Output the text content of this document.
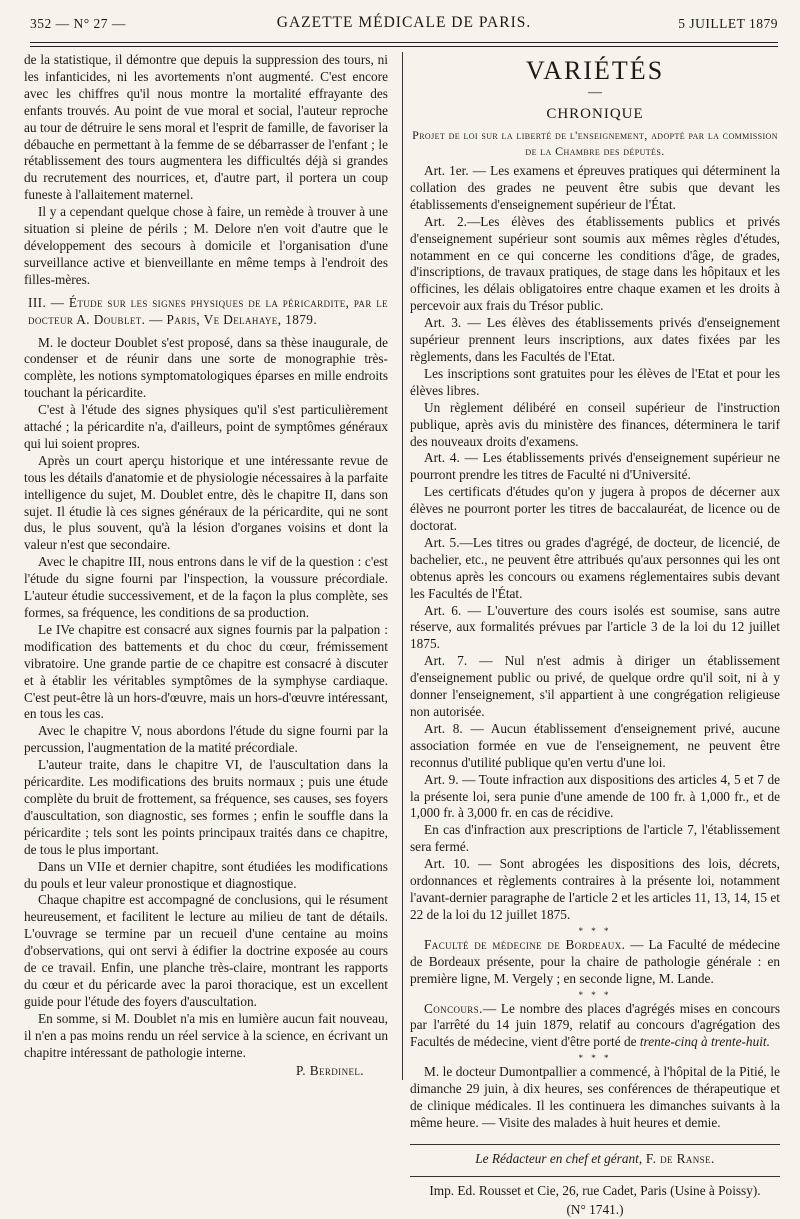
352 — N° 27 —	GAZETTE MÉDICALE DE PARIS.	5 JUILLET 1879

de la statistique, il démontre que depuis la suppression des tours, ni les infanticides, ni les avortements n'ont augmenté. C'est encore avec les chiffres qu'il nous montre la mortalité effrayante des enfants trouvés. Au point de vue moral et social, l'auteur reproche au tour de détruire le sens moral et l'esprit de famille, de favoriser la débauche en permettant à la femme de se débarrasser de l'enfant ; le rétablissement des tours augmentera les difficultés déjà si grandes du recrutement des nourrices, et, d'autre part, il portera un coup funeste à l'allaitement maternel.

Il y a cependant quelque chose à faire, un remède à trouver à une situation si pleine de périls ; M. Delore n'en voit d'autre que le développement des secours à domicile et l'organisation d'une surveillance active et bienveillante en même temps à l'endroit des filles-mères.

III. — Étude sur les signes physiques de la péricardite, par le docteur A. Doublet. — Paris, Ve Delahaye, 1879.

M. le docteur Doublet s'est proposé, dans sa thèse inaugurale, de condenser et de réunir dans une sorte de monographie très-complète, les notions symptomatologiques éparses en mille endroits touchant la péricardite.

C'est à l'étude des signes physiques qu'il s'est particulièrement attaché ; la péricardite n'a, d'ailleurs, point de symptômes généraux qui lui soient propres.

Après un court aperçu historique et une intéressante revue de tous les détails d'anatomie et de physiologie nécessaires à la parfaite intelligence du sujet, M. Doublet entre, dès le chapitre II, dans son sujet. Il étudie là ces signes généraux de la péricardite, qui ne sont dus, le plus souvent, qu'à la lésion d'organes voisins et dont la valeur n'est que secondaire.

Avec le chapitre III, nous entrons dans le vif de la question : c'est l'étude du signe fourni par l'inspection, la voussure précordiale. L'auteur étudie successivement, et de la façon la plus complète, ses formes, sa fréquence, les conditions de sa production.

Le IVe chapitre est consacré aux signes fournis par la palpation : modification des battements et du choc du cœur, frémissement vibratoire. Une grande partie de ce chapitre est consacré à discuter et à établir les véritables symptômes de la symphyse cardiaque. C'est peut-être là un hors-d'œuvre, mais un hors-d'œuvre intéressant, en tous les cas.

Avec le chapitre V, nous abordons l'étude du signe fourni par la percussion, l'augmentation de la matité précordiale.

L'auteur traite, dans le chapitre VI, de l'auscultation dans la péricardite. Les modifications des bruits normaux ; puis une étude complète du bruit de frottement, sa fréquence, ses causes, ses foyers d'auscultation, son diagnostic, ses formes ; enfin le souffle dans la péricardite ; tels sont les points principaux traités dans ce chapitre, de tous le plus important.

Dans un VIIe et dernier chapitre, sont étudiées les modifications du pouls et leur valeur pronostique et diagnostique.

Chaque chapitre est accompagné de conclusions, qui le résument heureusement, et facilitent le lecture au milieu de tant de détails. L'ouvrage se termine par un recueil d'une centaine au moins d'observations, qui ont servi à édifier la doctrine exposée au cours de ce travail. Enfin, une planche très-claire, montrant les rapports du cœur et du péricarde avec la paroi thoracique, est un excellent guide pour l'étude des foyers d'auscultation.

En somme, si M. Doublet n'a mis en lumière aucun fait nouveau, il n'en a pas moins rendu un réel service à la science, en écrivant un chapitre intéressant de pathologie interne.

P. Berdinel.

VARIÉTÉS
—
CHRONIQUE
Projet de loi sur la liberté de l'enseignement, adopté par la commission de la Chambre des députés.

Art. 1er. — Les examens et épreuves pratiques qui déterminent la collation des grades ne peuvent être subis que devant les établissements d'enseignement supérieur de l'État.

Art. 2.—Les élèves des établissements publics et privés d'enseignement supérieur sont soumis aux mêmes règles d'études, notamment en ce qui concerne les conditions d'âge, de grades, d'inscriptions, de travaux pratiques, de stage dans les hôpitaux et les officines, les délais obligatoires entre chaque examen et les droits à percevoir aux frais du Trésor public.

Art. 3. — Les élèves des établissements privés d'enseignement supérieur prennent leurs inscriptions, aux dates fixées par les règlements, dans les Facultés de l'Etat.

Les inscriptions sont gratuites pour les élèves de l'Etat et pour les élèves libres.

Un règlement délibéré en conseil supérieur de l'instruction publique, après avis du ministère des finances, déterminera le tarif des nouveaux droits d'examens.

Art. 4. — Les établissements privés d'enseignement supérieur ne pourront prendre les titres de Faculté ni d'Université.

Les certificats d'études qu'on y jugera à propos de décerner aux élèves ne pourront porter les titres de baccalauréat, de licence ou de doctorat.

Art. 5.—Les titres ou grades d'agrégé, de docteur, de licencié, de bachelier, etc., ne peuvent être attribués qu'aux personnes qui les ont obtenus après les concours ou examens réglementaires subis devant les Facultés de l'État.

Art. 6. — L'ouverture des cours isolés est soumise, sans autre réserve, aux formalités prévues par l'article 3 de la loi du 12 juillet 1875.

Art. 7. — Nul n'est admis à diriger un établissement d'enseignement public ou privé, de quelque ordre qu'il soit, ni à y donner l'enseignement, s'il appartient à une congrégation religieuse non autorisée.

Art. 8. — Aucun établissement d'enseignement privé, aucune association formée en vue de l'enseignement, ne peuvent être reconnus d'utilité publique qu'en vertu d'une loi.

Art. 9. — Toute infraction aux dispositions des articles 4, 5 et 7 de la présente loi, sera punie d'une amende de 100 fr. à 1,000 fr., et de 1,000 fr. à 3,000 fr. en cas de récidive.

En cas d'infraction aux prescriptions de l'article 7, l'établissement sera fermé.

Art. 10. — Sont abrogées les dispositions des lois, décrets, ordonnances et règlements contraires à la présente loi, notamment l'avant-dernier paragraphe de l'article 2 et les articles 11, 13, 14, 15 et 22 de la loi du 12 juillet 1875.

* * *

Faculté de médecine de Bordeaux. — La Faculté de médecine de Bordeaux présente, pour la chaire de pathologie générale : en première ligne, M. Vergely ; en seconde ligne, M. Lande.

* * *

Concours.— Le nombre des places d'agrégés mises en concours par l'arrêté du 14 juin 1879, relatif au concours d'agrégation des Facultés de médecine, vient d'être porté de trente-cinq à trente-huit.

* * *

M. le docteur Dumontpallier a commencé, à l'hôpital de la Pitié, le dimanche 29 juin, à dix heures, ses conférences de thérapeutique et de clinique médicales. Il les continuera les dimanches suivants à la même heure. — Visite des malades à huit heures et demie.

Le Rédacteur en chef et gérant, F. de Ranse.
Imp. Ed. Rousset et Cie, 26, rue Cadet, Paris (Usine à Poissy).
(N° 1741.)
